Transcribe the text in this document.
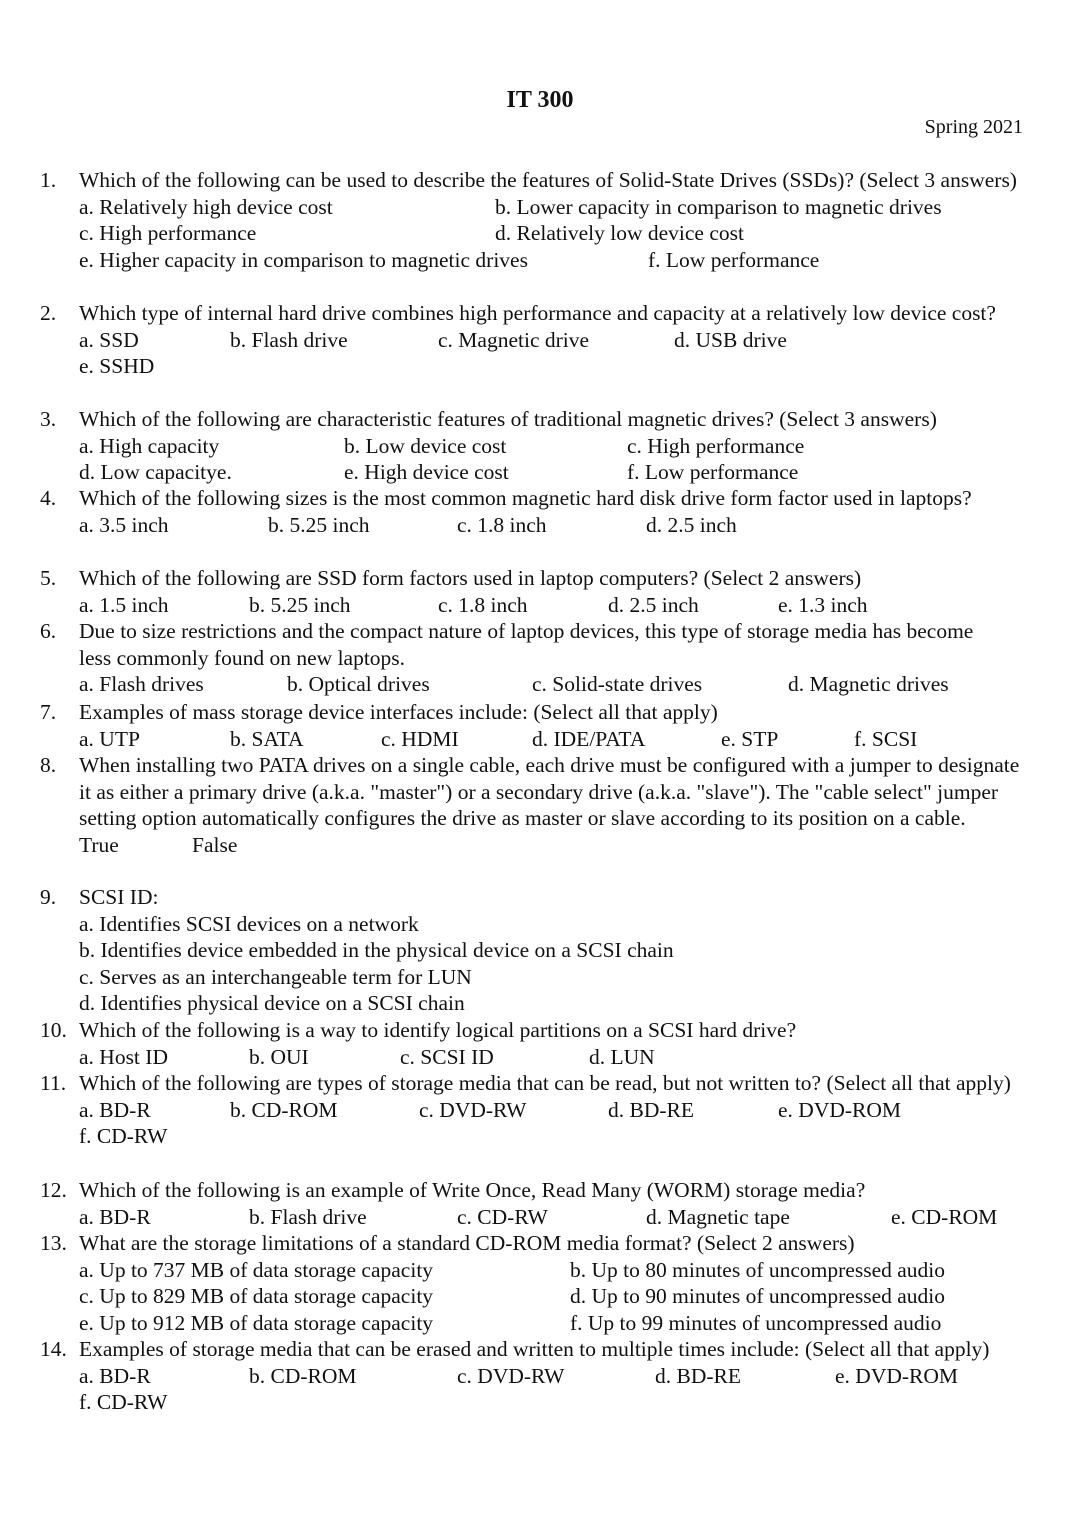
IT 300
Spring 2021
1. Which of the following can be used to describe the features of Solid-State Drives (SSDs)? (Select 3 answers)
a. Relatively high device cost	b. Lower capacity in comparison to magnetic drives
c. High performance	d. Relatively low device cost
e. Higher capacity in comparison to magnetic drives	f. Low performance
2. Which type of internal hard drive combines high performance and capacity at a relatively low device cost?
a. SSD	b. Flash drive	c. Magnetic drive	d. USB drive
e. SSHD
3. Which of the following are characteristic features of traditional magnetic drives? (Select 3 answers)
a. High capacity	b. Low device cost	c. High performance
d. Low capacitye.	e. High device cost	f. Low performance
4. Which of the following sizes is the most common magnetic hard disk drive form factor used in laptops?
a. 3.5 inch	b. 5.25 inch	c. 1.8 inch	d. 2.5 inch
5. Which of the following are SSD form factors used in laptop computers? (Select 2 answers)
a. 1.5 inch	b. 5.25 inch	c. 1.8 inch	d. 2.5 inch	e. 1.3 inch
6. Due to size restrictions and the compact nature of laptop devices, this type of storage media has become less commonly found on new laptops.
a. Flash drives	b. Optical drives	c. Solid-state drives	d. Magnetic drives
7. Examples of mass storage device interfaces include: (Select all that apply)
a. UTP	b. SATA	c. HDMI	d. IDE/PATA	e. STP	f. SCSI
8. When installing two PATA drives on a single cable, each drive must be configured with a jumper to designate it as either a primary drive (a.k.a. "master") or a secondary drive (a.k.a. "slave"). The "cable select" jumper setting option automatically configures the drive as master or slave according to its position on a cable.
True	False
9. SCSI ID:
a. Identifies SCSI devices on a network
b. Identifies device embedded in the physical device on a SCSI chain
c. Serves as an interchangeable term for LUN
d. Identifies physical device on a SCSI chain
10. Which of the following is a way to identify logical partitions on a SCSI hard drive?
a. Host ID	b. OUI	c. SCSI ID	d. LUN
11. Which of the following are types of storage media that can be read, but not written to? (Select all that apply)
a. BD-R	b. CD-ROM	c. DVD-RW	d. BD-RE	e. DVD-ROM
f. CD-RW
12. Which of the following is an example of Write Once, Read Many (WORM) storage media?
a. BD-R	b. Flash drive	c. CD-RW	d. Magnetic tape	e. CD-ROM
13. What are the storage limitations of a standard CD-ROM media format? (Select 2 answers)
a. Up to 737 MB of data storage capacity	b. Up to 80 minutes of uncompressed audio
c. Up to 829 MB of data storage capacity	d. Up to 90 minutes of uncompressed audio
e. Up to 912 MB of data storage capacity	f. Up to 99 minutes of uncompressed audio
14. Examples of storage media that can be erased and written to multiple times include: (Select all that apply)
a. BD-R	b. CD-ROM	c. DVD-RW	d. BD-RE	e. DVD-ROM
f. CD-RW
